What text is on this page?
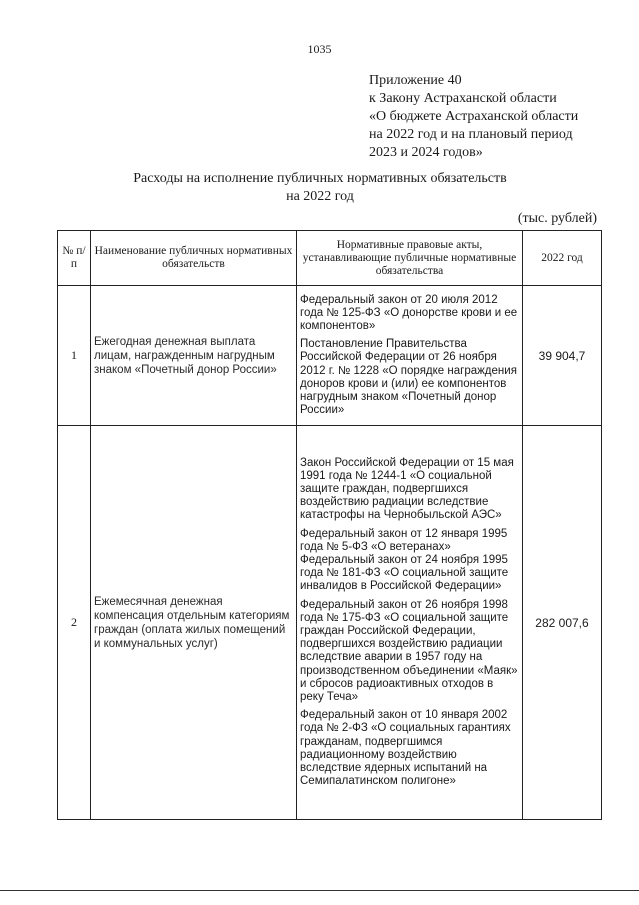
1035
Приложение 40
к Закону Астраханской области
«О бюджете Астраханской области
на 2022 год и на плановый период
2023 и 2024 годов»
Расходы на исполнение публичных нормативных обязательств
на 2022 год
(тыс. рублей)
№ п/п	Наименование публичных нормативных обязательств	Нормативные правовые акты, устанавливающие публичные нормативные обязательства	2022 год
1	Ежегодная денежная выплата лицам, награжденным нагрудным знаком «Почетный донор России»	Федеральный закон от 20 июля 2012 года № 125-ФЗ «О донорстве крови и ее компонентов»
Постановление Правительства Российской Федерации от 26 ноября 2012 г. № 1228 «О порядке награждения доноров крови и (или) ее компонентов нагрудным знаком «Почетный донор России»	39 904,7
2	Ежемесячная денежная компенсация отдельным категориям граждан (оплата жилых помещений и коммунальных услуг)	Закон Российской Федерации от 15 мая 1991 года № 1244-1 «О социальной защите граждан, подвергшихся воздействию радиации вследствие катастрофы на Чернобыльской АЭС»
Федеральный закон от 12 января 1995 года № 5-ФЗ «О ветеранах» Федеральный закон от 24 ноября 1995 года № 181-ФЗ «О социальной защите инвалидов в Российской Федерации»
Федеральный закон от 26 ноября 1998 года № 175-ФЗ «О социальной защите граждан Российской Федерации, подвергшихся воздействию радиации вследствие аварии в 1957 году на производственном объединении «Маяк» и сбросов радиоактивных отходов в реку Теча»
Федеральный закон от 10 января 2002 года № 2-ФЗ «О социальных гарантиях гражданам, подвергшимся радиационному воздействию вследствие ядерных испытаний на Семипалатинском полигоне»	282 007,6
